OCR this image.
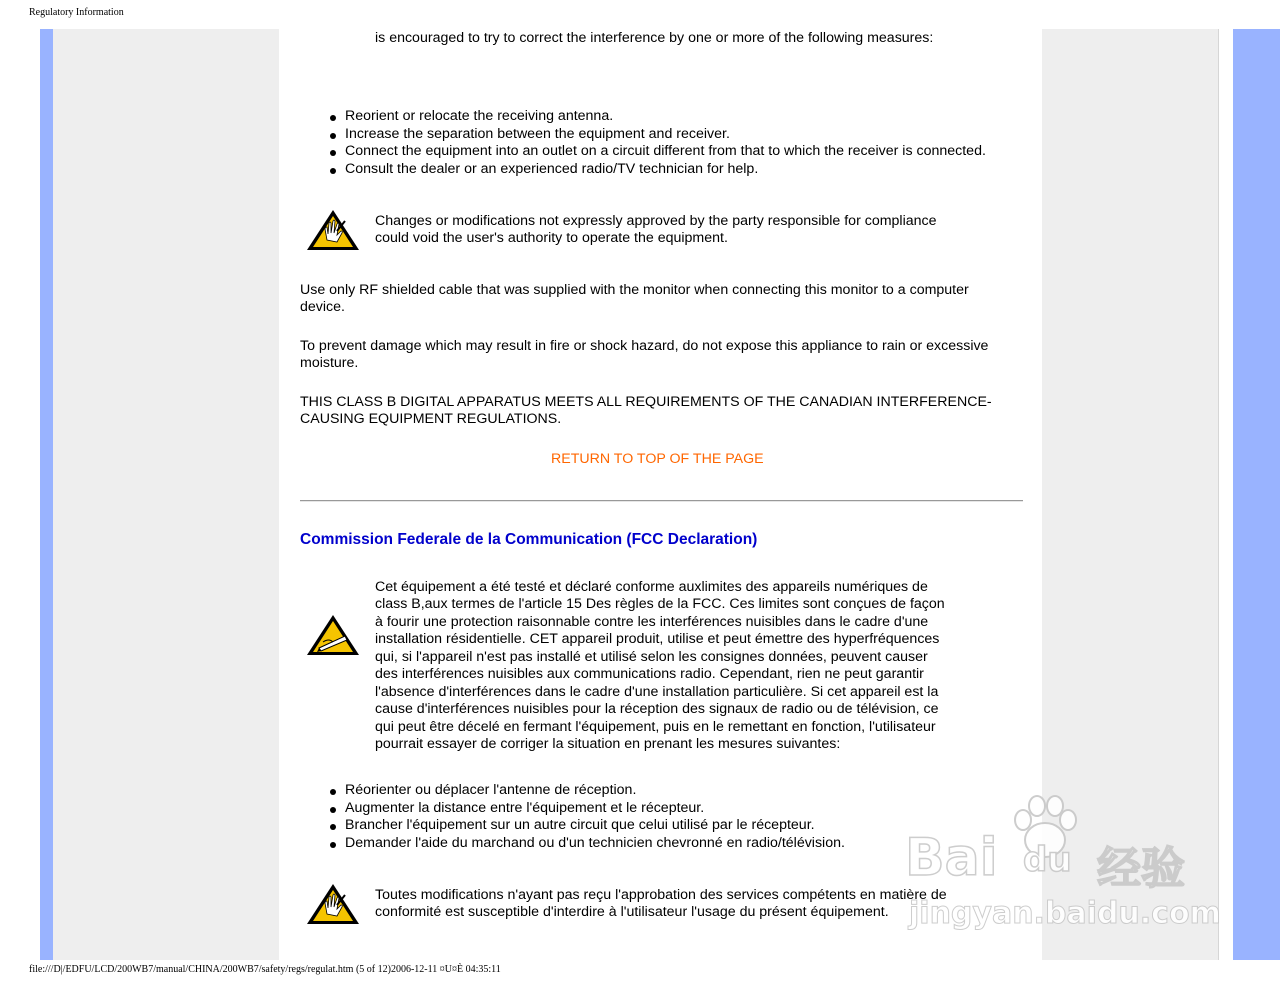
Regulatory Information

is encouraged to try to correct the interference by one or more of the following measures:

Reorient or relocate the receiving antenna.
Increase the separation between the equipment and receiver.
Connect the equipment into an outlet on a circuit different from that to which the receiver is connected.
Consult the dealer or an experienced radio/TV technician for help.

Changes or modifications not expressly approved by the party responsible for compliance

could void the user's authority to operate the equipment.

Use only RF shielded cable that was supplied with the monitor when connecting this monitor to a computer

device.

To prevent damage which may result in fire or shock hazard, do not expose this appliance to rain or excessive

moisture.

THIS CLASS B DIGITAL APPARATUS MEETS ALL REQUIREMENTS OF THE CANADIAN INTERFERENCE-

CAUSING EQUIPMENT REGULATIONS.

RETURN TO TOP OF THE PAGE
Commission Federale de la Communication (FCC Declaration)

Cet équipement a été testé et déclaré conforme auxlimites des appareils numériques de

class B,aux termes de l'article 15 Des règles de la FCC. Ces limites sont conçues de façon

à fourir une protection raisonnable contre les interférences nuisibles dans le cadre d'une

installation résidentielle. CET appareil produit, utilise et peut émettre des hyperfréquences

qui, si l'appareil n'est pas installé et utilisé selon les consignes données, peuvent causer

des interférences nuisibles aux communications radio. Cependant, rien ne peut garantir

l'absence d'interférences dans le cadre d'une installation particulière. Si cet appareil est la

cause d'interférences nuisibles pour la réception des signaux de radio ou de télévision, ce

qui peut être décelé en fermant l'équipement, puis en le remettant en fonction, l'utilisateur

pourrait essayer de corriger la situation en prenant les mesures suivantes:

Réorienter ou déplacer l'antenne de réception.
Augmenter la distance entre l'équipement et le récepteur.
Brancher l'équipement sur un autre circuit que celui utilisé par le récepteur.
Demander l'aide du marchand ou d'un technicien chevronné en radio/télévision.

Toutes modifications n'ayant pas reçu l'approbation des services compétents en matière de

conformité est susceptible d'interdire à l'utilisateur l'usage du présent équipement.

Bai du 经验
jingyan.baidu.com
file:///D|/EDFU/LCD/200WB7/manual/CHINA/200WB7/safety/regs/regulat.htm (5 of 12)2006-12-11 ¤U¤È 04:35:11
